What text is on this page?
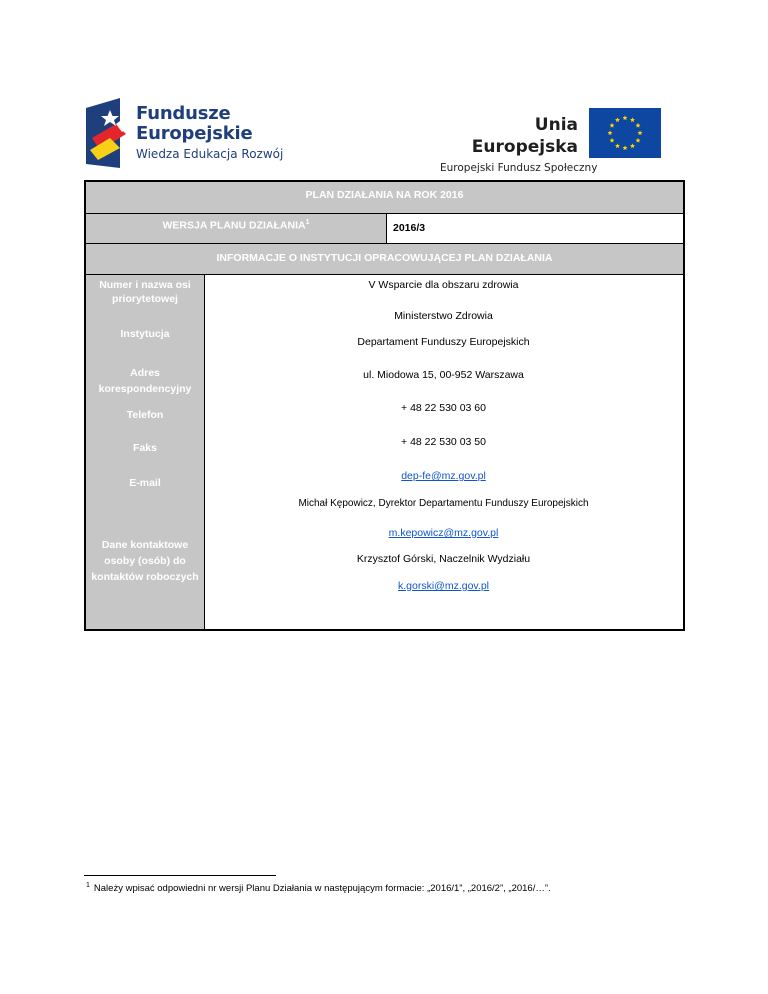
Fundusze
Europejskie
Wiedza Edukacja Rozwój
Unia Europejska
Europejski Fundusz Społeczny
PLAN DZIAŁANIA NA ROK 2016
WERSJA PLANU DZIAŁANIA$^1$	2016/3
INFORMACJE O INSTYTUCJI OPRACOWUJĄCEJ PLAN DZIAŁANIA
Numer i nazwa osi priorytetowej
Instytucja
Adres korespondencyjny
Telefon
Faks
E-mail
Dane kontaktowe osoby (osób) do kontaktów roboczych
V Wsparcie dla obszaru zdrowia
Ministerstwo Zdrowia
Departament Funduszy Europejskich
ul. Miodowa 15, 00-952 Warszawa
+ 48 22 530 03 60
+ 48 22 530 03 50
dep-fe@mz.gov.pl
Michał Kępowicz, Dyrektor Departamentu Funduszy Europejskich
m.kepowicz@mz.gov.pl
Krzysztof Górski, Naczelnik Wydziału
k.gorski@mz.gov.pl
$^1$ Należy wpisać odpowiedni nr wersji Planu Działania w następującym formacie: „2016/1”, „2016/2”, „2016/…”.
